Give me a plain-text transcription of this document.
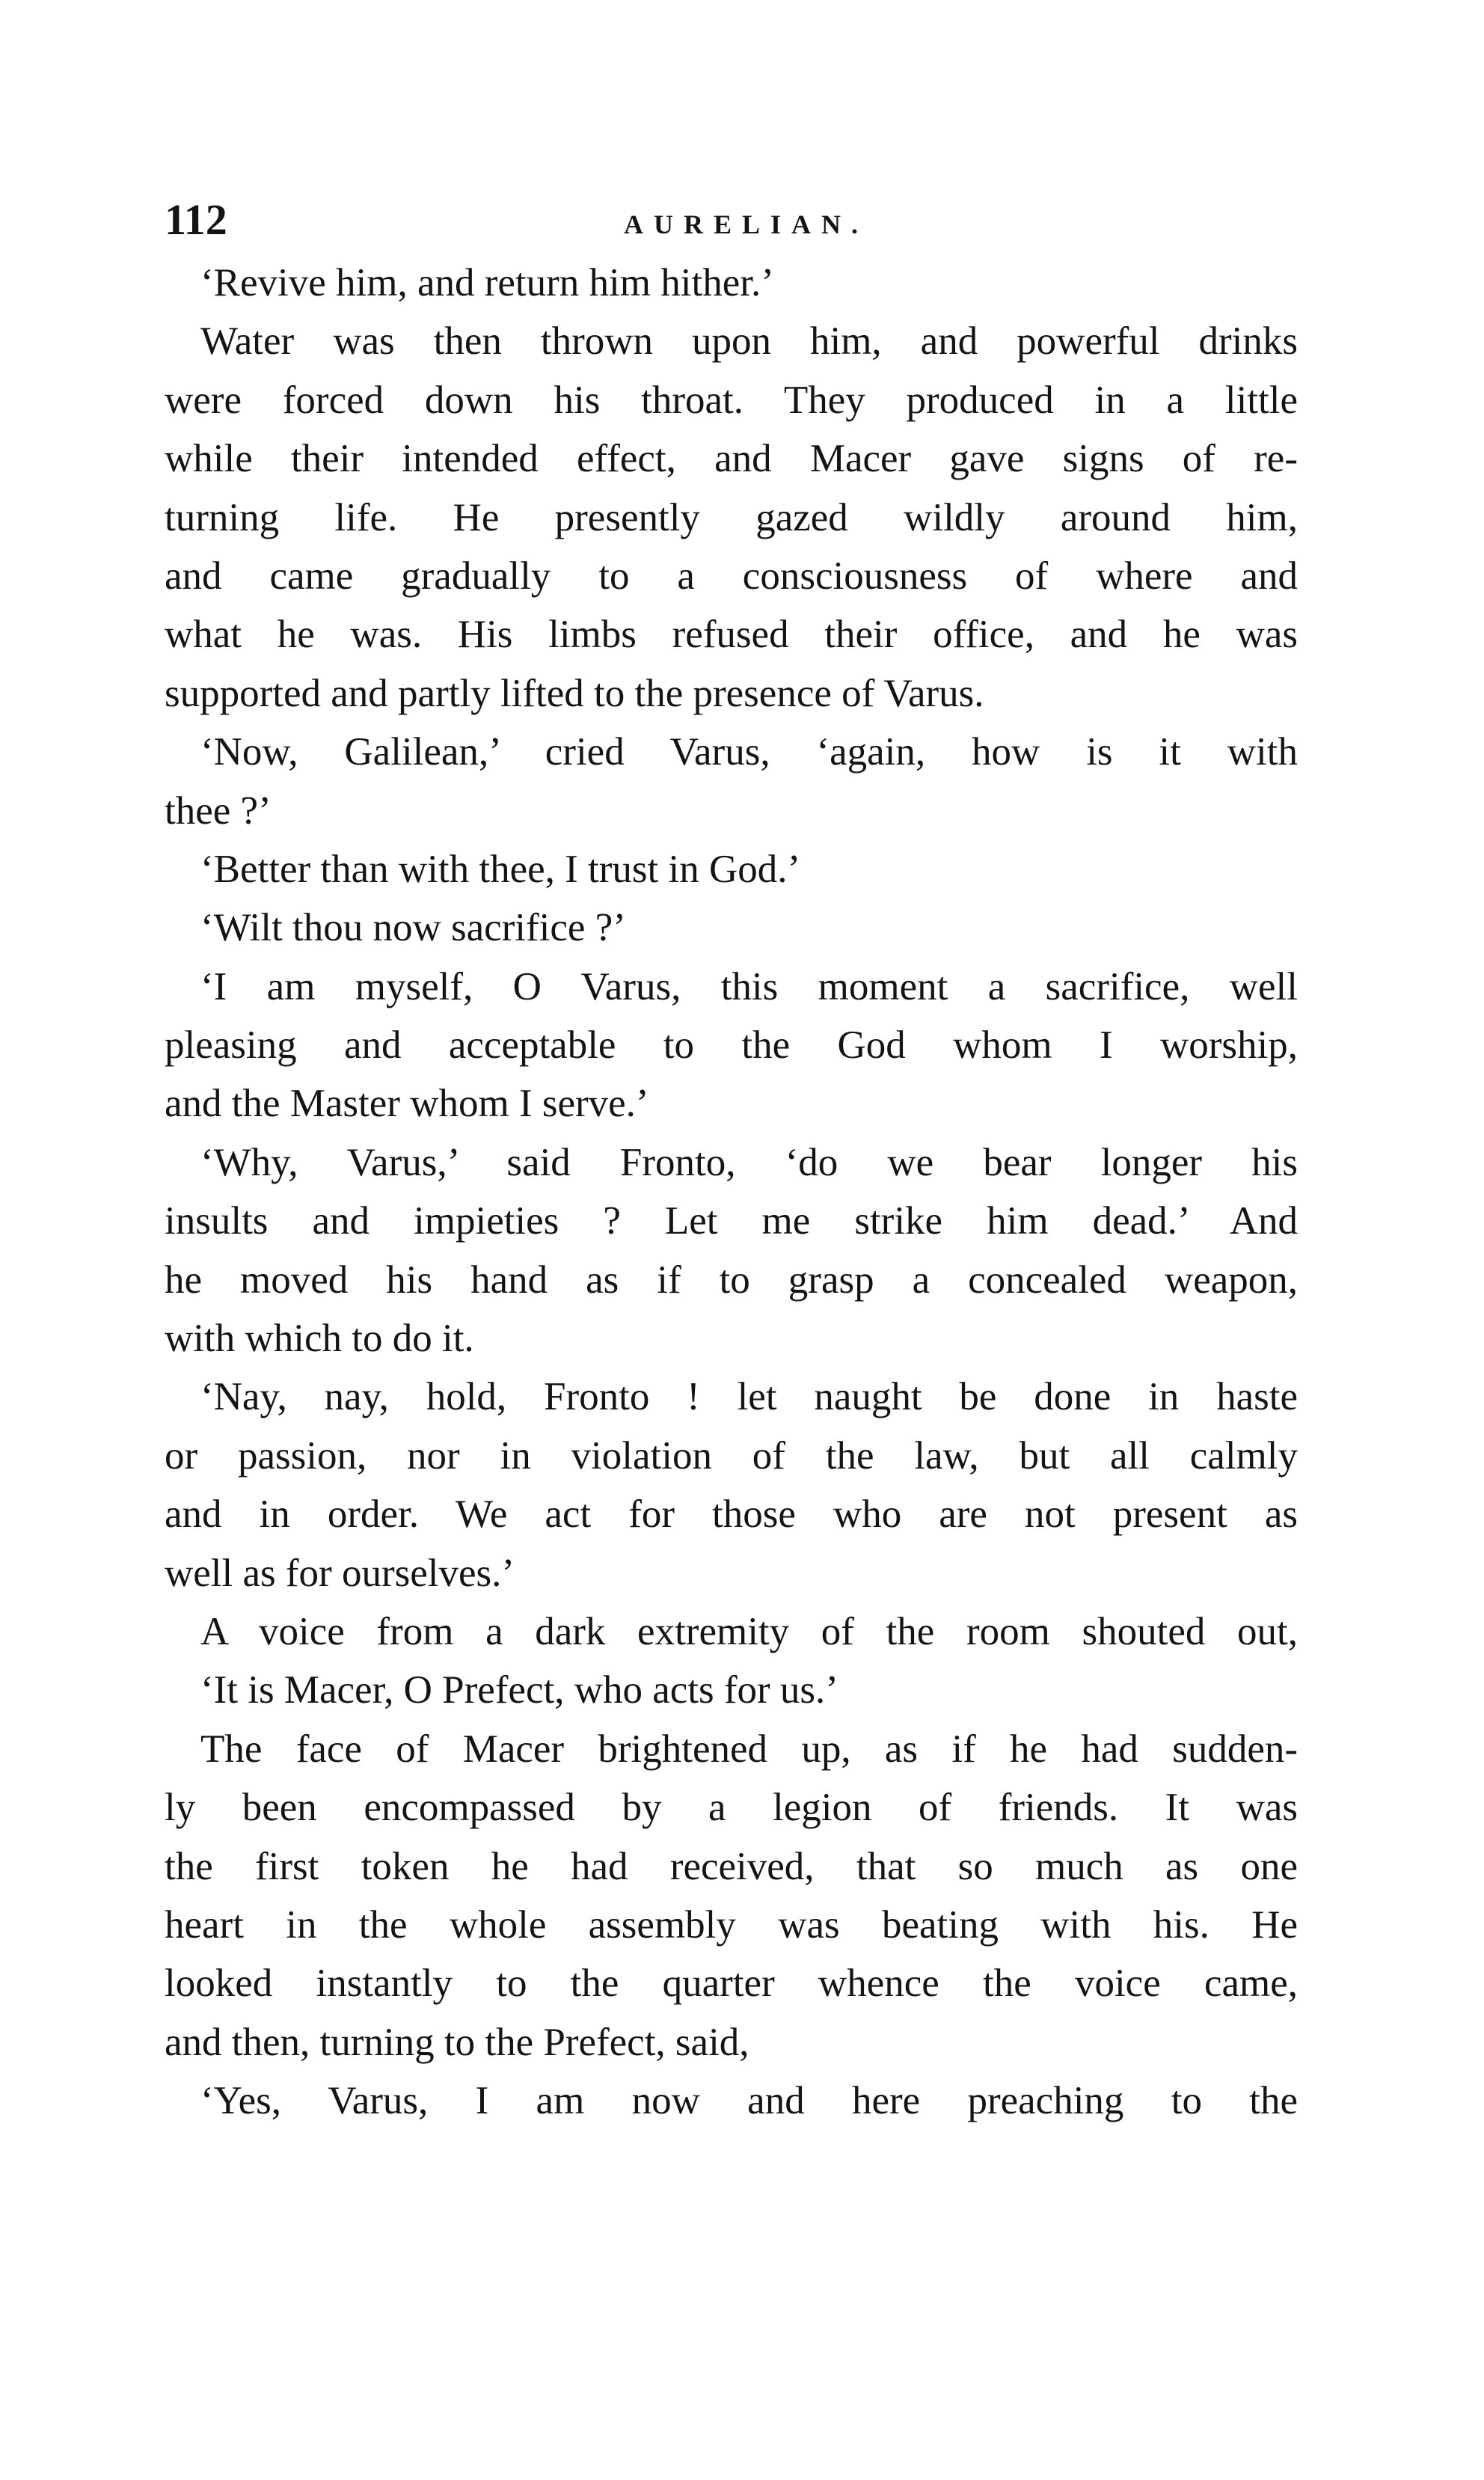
112	AURELIAN.
‘Revive him, and return him hither.’
Water was then thrown upon him, and powerful drinks
were forced down his throat. They produced in a little
while their intended effect, and Macer gave signs of re-
turning life. He presently gazed wildly around him,
and came gradually to a consciousness of where and
what he was. His limbs refused their office, and he was
supported and partly lifted to the presence of Varus.
‘Now, Galilean,’ cried Varus, ‘again, how is it with
thee ?’
‘Better than with thee, I trust in God.’
‘Wilt thou now sacrifice ?’
‘I am myself, O Varus, this moment a sacrifice, well
pleasing and acceptable to the God whom I worship,
and the Master whom I serve.’
‘Why, Varus,’ said Fronto, ‘do we bear longer his
insults and impieties ? Let me strike him dead.’ And
he moved his hand as if to grasp a concealed weapon,
with which to do it.
‘Nay, nay, hold, Fronto ! let naught be done in haste
or passion, nor in violation of the law, but all calmly
and in order. We act for those who are not present as
well as for ourselves.’
A voice from a dark extremity of the room shouted out,
‘It is Macer, O Prefect, who acts for us.’
The face of Macer brightened up, as if he had sudden-
ly been encompassed by a legion of friends. It was
the first token he had received, that so much as one
heart in the whole assembly was beating with his. He
looked instantly to the quarter whence the voice came,
and then, turning to the Prefect, said,
‘Yes, Varus, I am now and here preaching to the
